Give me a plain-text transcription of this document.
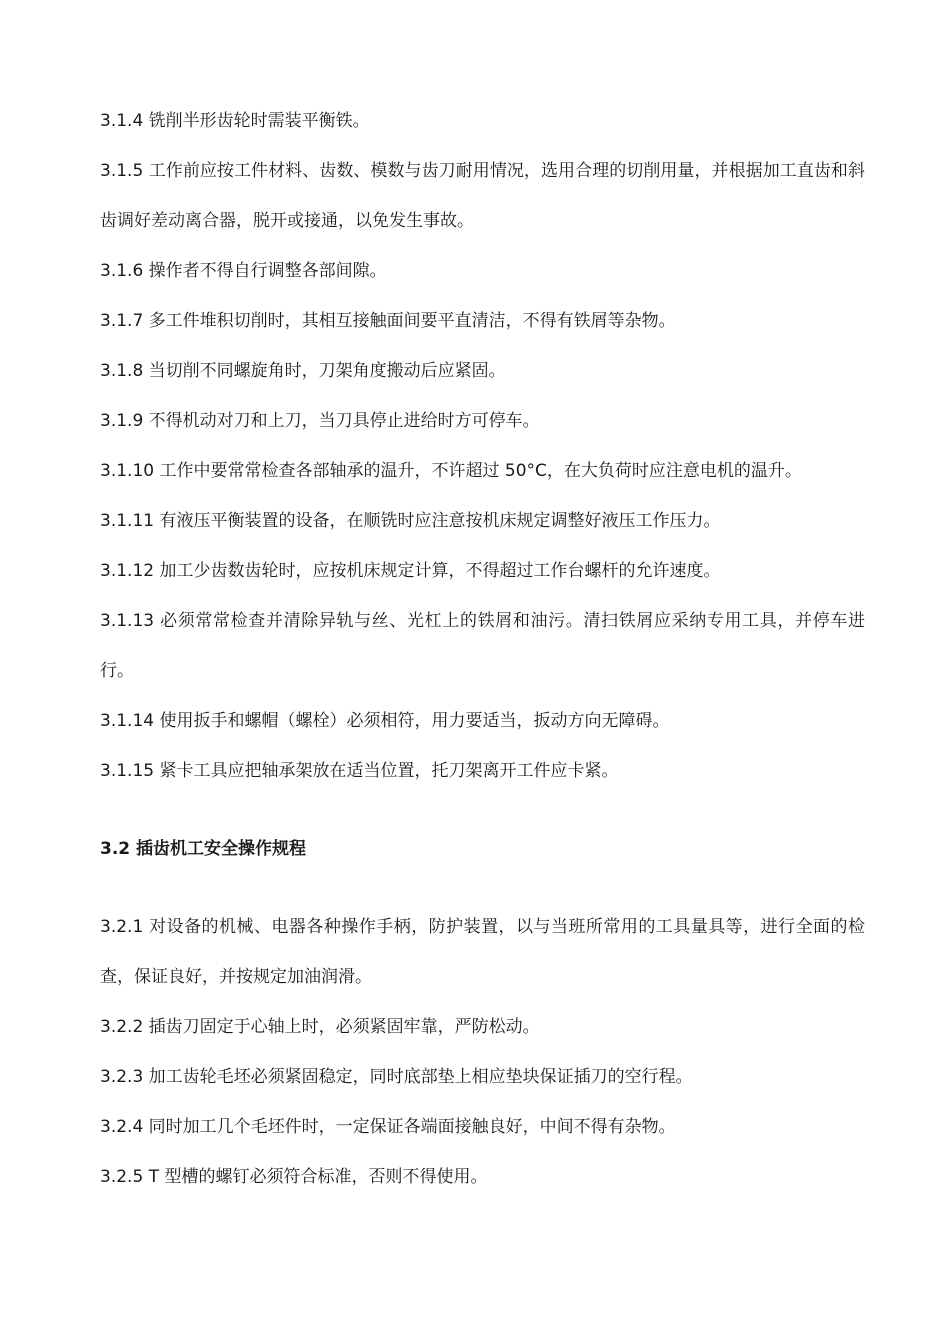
3.1.4 铣削半形齿轮时需装平衡铁。

3.1.5 工作前应按工件材料、齿数、模数与齿刀耐用情况，选用合理的切削用量，并根据加工直齿和斜齿调好差动离合器，脱开或接通，以免发生事故。

3.1.6 操作者不得自行调整各部间隙。

3.1.7 多工件堆积切削时，其相互接触面间要平直清洁，不得有铁屑等杂物。

3.1.8 当切削不同螺旋角时，刀架角度搬动后应紧固。

3.1.9 不得机动对刀和上刀，当刀具停止进给时方可停车。

3.1.10 工作中要常常检查各部轴承的温升，不许超过 50°C，在大负荷时应注意电机的温升。

3.1.11 有液压平衡装置的设备，在顺铣时应注意按机床规定调整好液压工作压力。

3.1.12 加工少齿数齿轮时，应按机床规定计算，不得超过工作台螺杆的允许速度。

3.1.13 必须常常检查并清除异轨与丝、光杠上的铁屑和油污。清扫铁屑应采纳专用工具，并停车进行。

3.1.14 使用扳手和螺帽（螺栓）必须相符，用力要适当，扳动方向无障碍。

3.1.15 紧卡工具应把轴承架放在适当位置，托刀架离开工件应卡紧。

3.2 插齿机工安全操作规程

3.2.1 对设备的机械、电器各种操作手柄，防护装置，以与当班所常用的工具量具等，进行全面的检查，保证良好，并按规定加油润滑。

3.2.2 插齿刀固定于心轴上时，必须紧固牢靠，严防松动。

3.2.3 加工齿轮毛坯必须紧固稳定，同时底部垫上相应垫块保证插刀的空行程。

3.2.4 同时加工几个毛坯件时，一定保证各端面接触良好，中间不得有杂物。

3.2.5 T 型槽的螺钉必须符合标准，否则不得使用。
